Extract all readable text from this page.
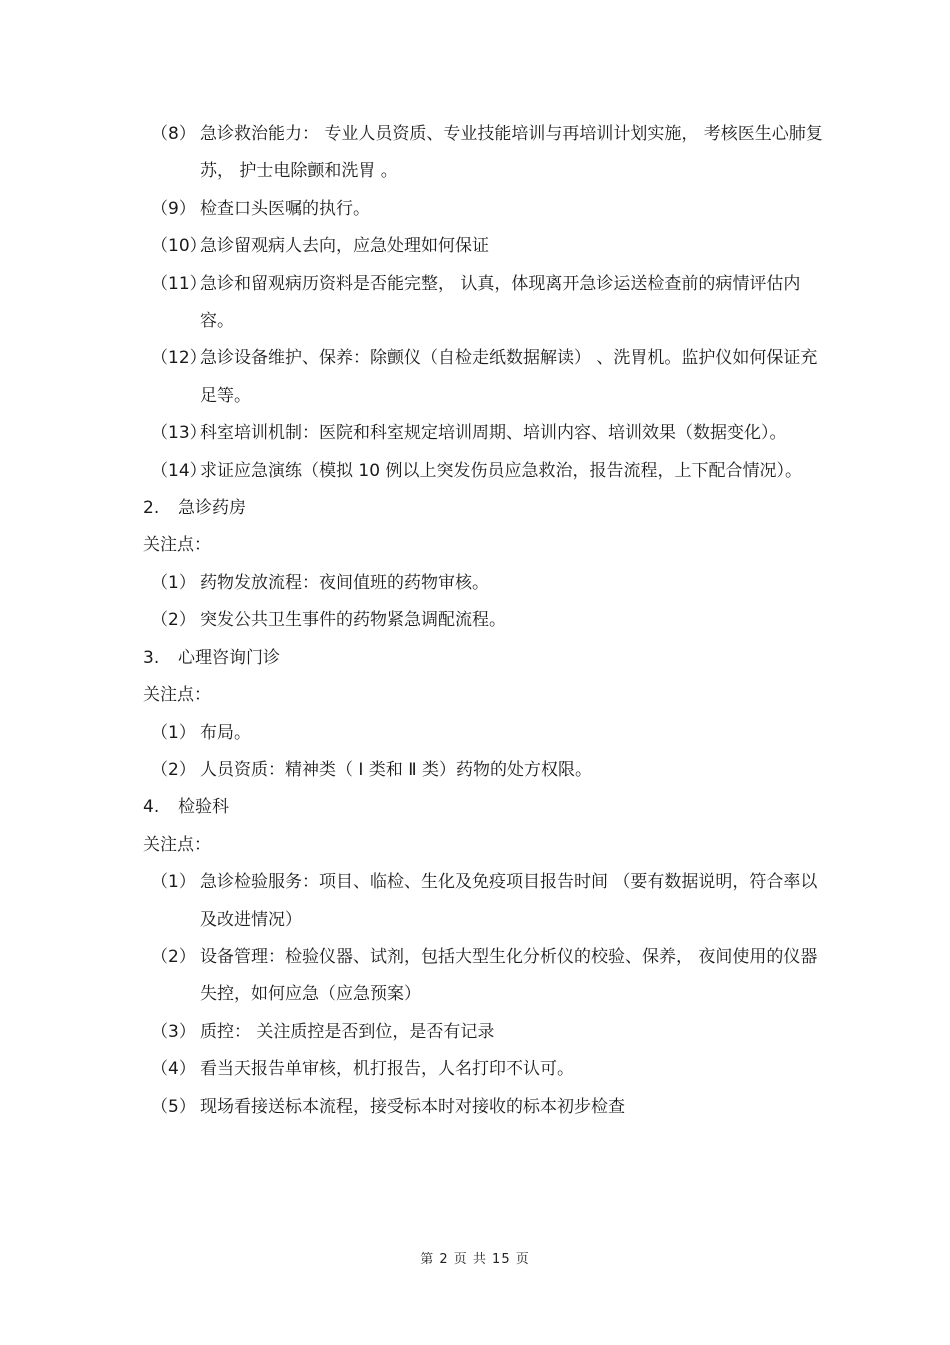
（8） 急诊救治能力： 专业人员资质、专业技能培训与再培训计划实施， 考核医生心肺复苏， 护士电除颤和洗胃 。
（9） 检查口头医嘱的执行。
（10）
急诊留观病人去向，应急处理如何保证
（11）
急诊和留观病历资料是否能完整， 认真，体现离开急诊运送检查前的病情评估内容。
（12）
急诊设备维护、保养：除颤仪（自检走纸数据解读） 、洗胃机。监护仪如何保证充足等。
（13）
科室培训机制：医院和科室规定培训周期、培训内容、培训效果（数据变化）。
（14）
求证应急演练（模拟 10 例以上突发伤员应急救治，报告流程，上下配合情况）。
2. 急诊药房
关注点：
（1） 药物发放流程：夜间值班的药物审核。
（2） 突发公共卫生事件的药物紧急调配流程。
3. 心理咨询门诊
关注点：
（1） 布局。
（2） 人员资质：精神类（ Ⅰ 类和 Ⅱ 类）药物的处方权限。
4. 检验科
关注点：
（1） 急诊检验服务：项目、临检、生化及免疫项目报告时间 （要有数据说明，符合率以及改进情况）
（2） 设备管理：检验仪器、试剂，包括大型生化分析仪的校验、保养， 夜间使用的仪器失控，如何应急（应急预案）
（3） 质控： 关注质控是否到位，是否有记录
（4） 看当天报告单审核，机打报告，人名打印不认可。
（5） 现场看接送标本流程，接受标本时对接收的标本初步检查
第 2 页 共 15 页
